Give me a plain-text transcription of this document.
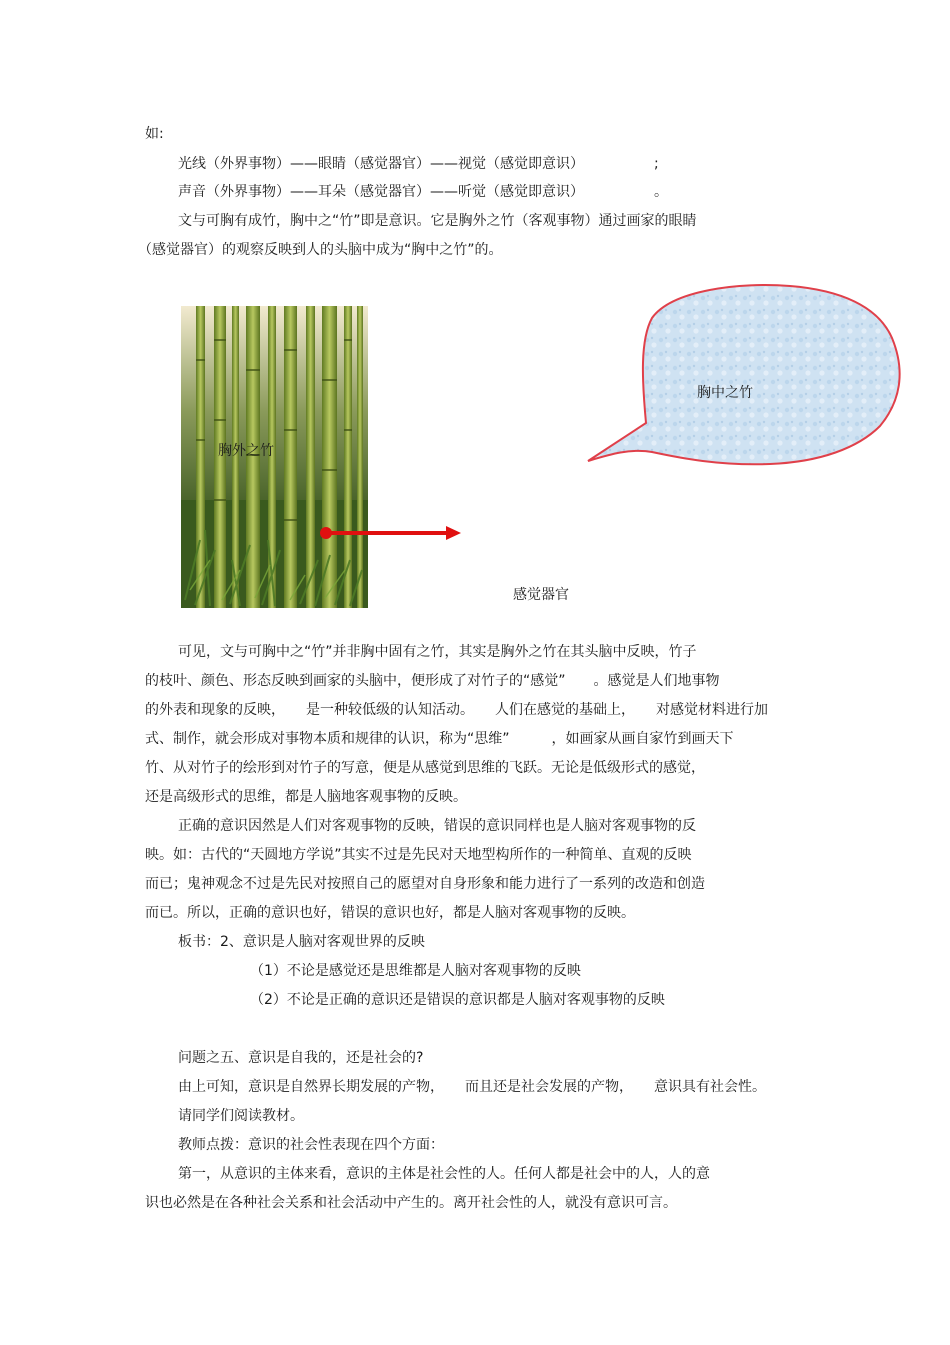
如:
光线（外界事物）——眼睛（感觉器官）——视觉（感觉即意识）	;
声音（外界事物）——耳朵（感觉器官）——听觉（感觉即意识）	。
文与可胸有成竹，胸中之“竹”即是意识。它是胸外之竹（客观事物）通过画家的眼睛
（感觉器官）的观察反映到人的头脑中成为“胸中之竹”的。
胸外之竹
胸中之竹
感觉器官
可见，文与可胸中之“竹”并非胸中固有之竹，其实是胸外之竹在其头脑中反映，竹子
的枝叶、颜色、形态反映到画家的头脑中，便形成了对竹子的“感觉”　　。感觉是人们地事物
的外表和现象的反映，　　是一种较低级的认知活动。　　人们在感觉的基础上，　　对感觉材料进行加
式、制作，就会形成对事物本质和规律的认识，称为“思维”　　　，如画家从画自家竹到画天下
竹、从对竹子的绘形到对竹子的写意，便是从感觉到思维的飞跃。无论是低级形式的感觉，
还是高级形式的思维，都是人脑地客观事物的反映。
正确的意识因然是人们对客观事物的反映，错误的意识同样也是人脑对客观事物的反
映。如：古代的“天圆地方学说”其实不过是先民对天地型构所作的一种简单、直观的反映
而已；鬼神观念不过是先民对按照自己的愿望对自身形象和能力进行了一系列的改造和创造
而已。所以，正确的意识也好，错误的意识也好，都是人脑对客观事物的反映。
板书：2、意识是人脑对客观世界的反映
（1）不论是感觉还是思维都是人脑对客观事物的反映
（2）不论是正确的意识还是错误的意识都是人脑对客观事物的反映
问题之五、意识是自我的，还是社会的?
由上可知，意识是自然界长期发展的产物，　　而且还是社会发展的产物，　　意识具有社会性。
请同学们阅读教材。
教师点拨：意识的社会性表现在四个方面：
第一，从意识的主体来看，意识的主体是社会性的人。任何人都是社会中的人，人的意
识也必然是在各种社会关系和社会活动中产生的。离开社会性的人，就没有意识可言。
